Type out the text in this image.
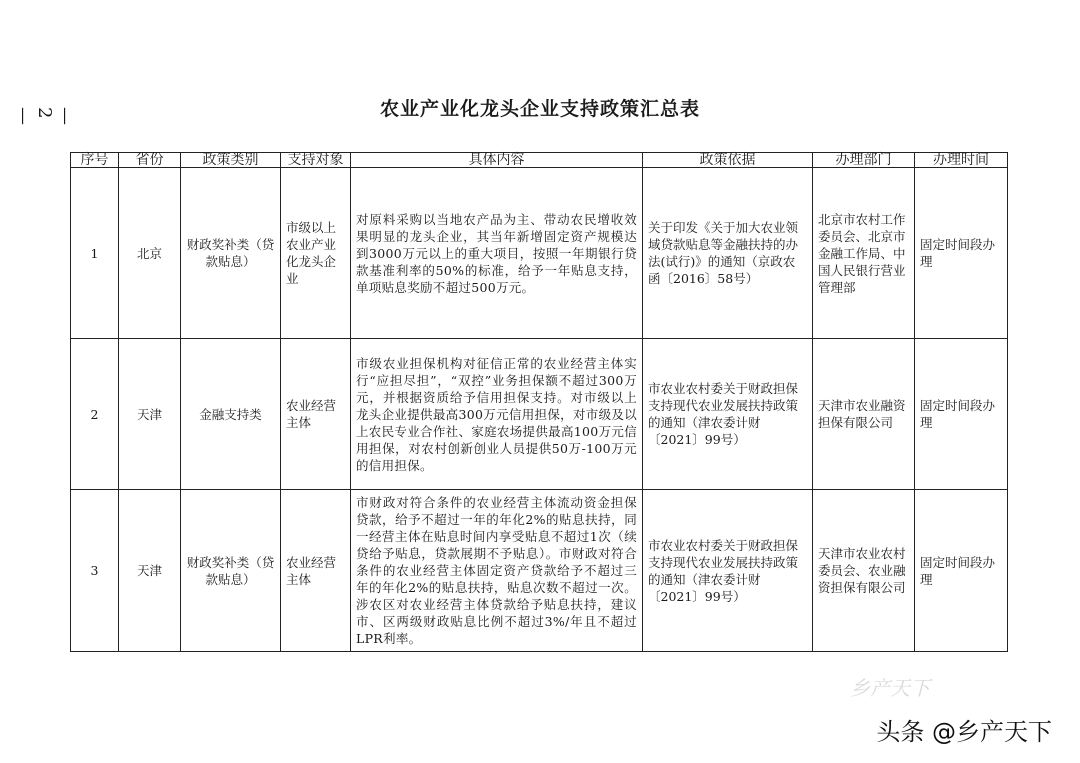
— 2 —	农业产业化龙头企业支持政策汇总表
序号	省份	政策类别	支持对象	具体内容	政策依据	办理部门	办理时间
1	北京	财政奖补类（贷款贴息）	市级以上农业产业化龙头企业	对原料采购以当地农产品为主、带动农民增收效果明显的龙头企业，其当年新增固定资产规模达到3000万元以上的重大项目，按照一年期银行贷款基准利率的50%的标准，给予一年贴息支持，单项贴息奖励不超过500万元。	关于印发《关于加大农业领域贷款贴息等金融扶持的办法(试行)》的通知（京政农函〔2016〕58号）	北京市农村工作委员会、北京市金融工作局、中国人民银行营业管理部	固定时间段办理
2	天津	金融支持类	农业经营主体	市级农业担保机构对征信正常的农业经营主体实行“应担尽担”，“双控”业务担保额不超过300万元，并根据资质给予信用担保支持。对市级以上龙头企业提供最高300万元信用担保，对市级及以上农民专业合作社、家庭农场提供最高100万元信用担保，对农村创新创业人员提供50万-100万元的信用担保。	市农业农村委关于财政担保支持现代农业发展扶持政策的通知（津农委计财〔2021〕99号）	天津市农业融资担保有限公司	固定时间段办理
3	天津	财政奖补类（贷款贴息）	农业经营主体	市财政对符合条件的农业经营主体流动资金担保贷款，给予不超过一年的年化2%的贴息扶持，同一经营主体在贴息时间内享受贴息不超过1次（续贷给予贴息，贷款展期不予贴息）。市财政对符合条件的农业经营主体固定资产贷款给予不超过三年的年化2%的贴息扶持，贴息次数不超过一次。涉农区对农业经营主体贷款给予贴息扶持，建议市、区两级财政贴息比例不超过3%/年且不超过LPR利率。	市农业农村委关于财政担保支持现代农业发展扶持政策的通知（津农委计财〔2021〕99号）	天津市农业农村委员会、农业融资担保有限公司	固定时间段办理
乡产天下
头条 @乡产天下
